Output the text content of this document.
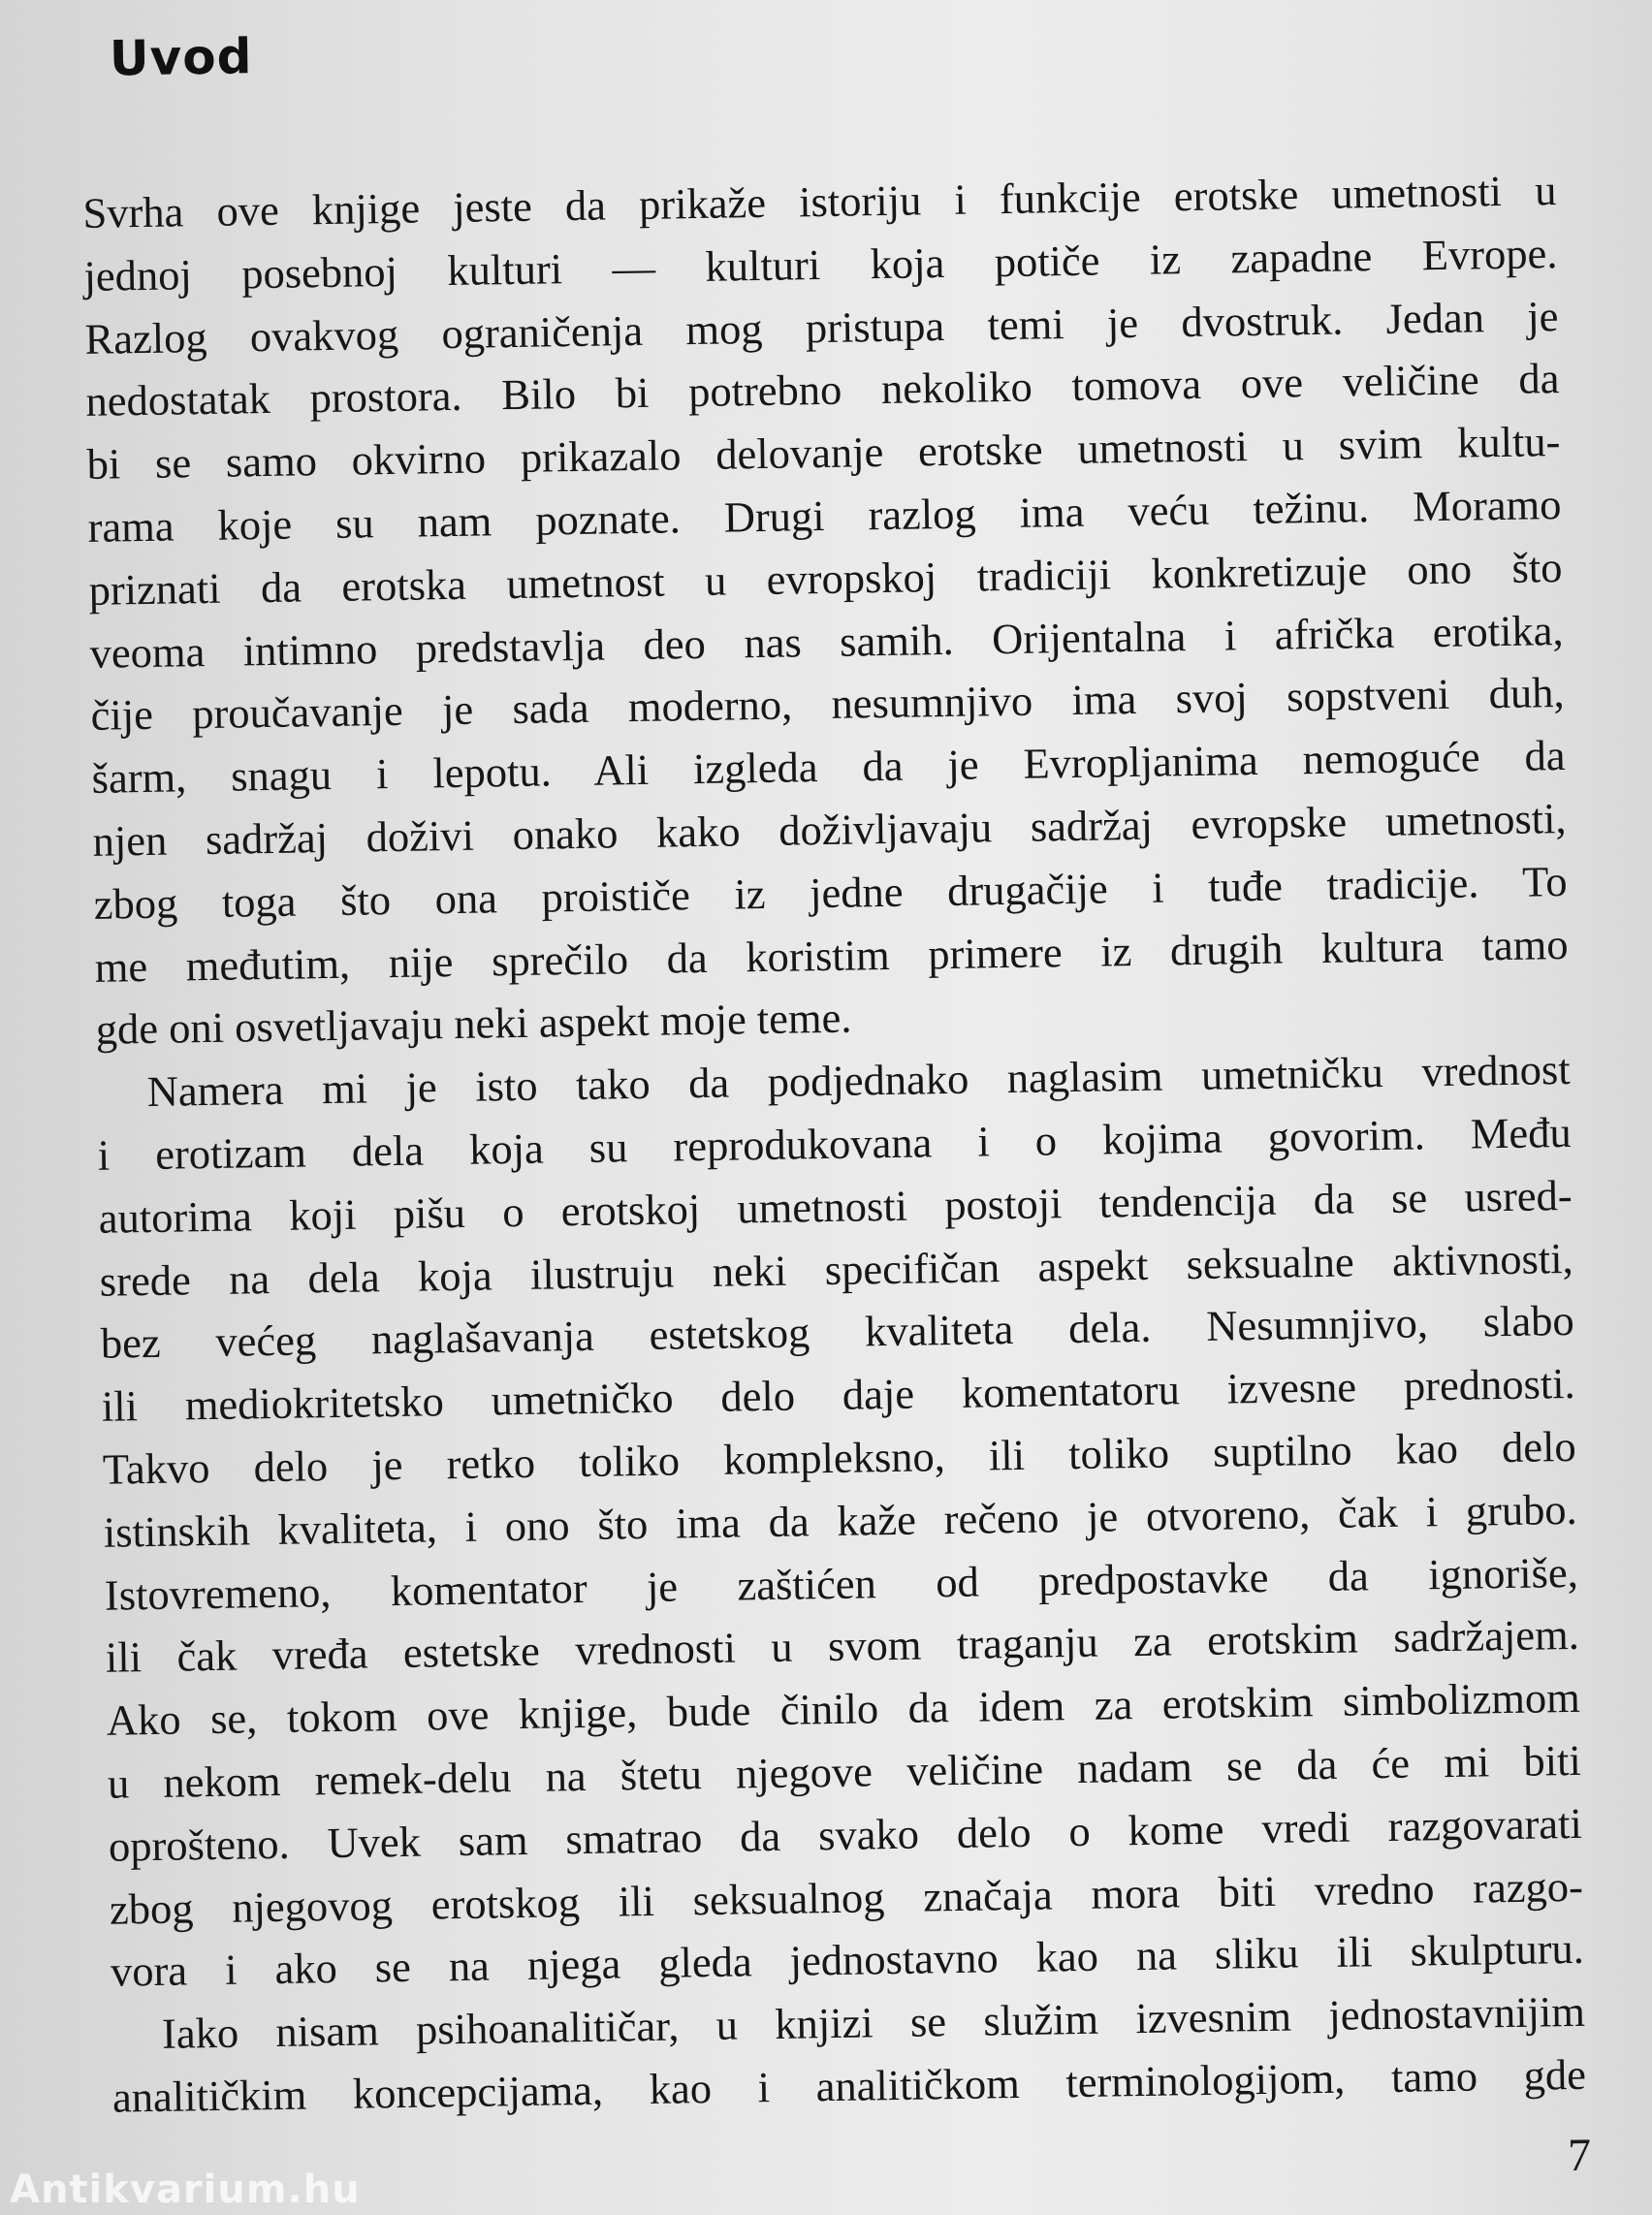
Uvod
Svrha ove knjige jeste da prikaže istoriju i funkcije erotske umetnosti u
jednoj posebnoj kulturi — kulturi koja potiče iz zapadne Evrope.
Razlog ovakvog ograničenja mog pristupa temi je dvostruk. Jedan je
nedostatak prostora. Bilo bi potrebno nekoliko tomova ove veličine da
bi se samo okvirno prikazalo delovanje erotske umetnosti u svim kultu-
rama koje su nam poznate. Drugi razlog ima veću težinu. Moramo
priznati da erotska umetnost u evropskoj tradiciji konkretizuje ono što
veoma intimno predstavlja deo nas samih. Orijentalna i afrička erotika,
čije proučavanje je sada moderno, nesumnjivo ima svoj sopstveni duh,
šarm, snagu i lepotu. Ali izgleda da je Evropljanima nemoguće da
njen sadržaj doživi onako kako doživljavaju sadržaj evropske umetnosti,
zbog toga što ona proističe iz jedne drugačije i tuđe tradicije. To
me međutim, nije sprečilo da koristim primere iz drugih kultura tamo
gde oni osvetljavaju neki aspekt moje teme.
Namera mi je isto tako da podjednako naglasim umetničku vrednost
i erotizam dela koja su reprodukovana i o kojima govorim. Među
autorima koji pišu o erotskoj umetnosti postoji tendencija da se usred-
srede na dela koja ilustruju neki specifičan aspekt seksualne aktivnosti,
bez većeg naglašavanja estetskog kvaliteta dela. Nesumnjivo, slabo
ili mediokritetsko umetničko delo daje komentatoru izvesne prednosti.
Takvo delo je retko toliko kompleksno, ili toliko suptilno kao delo
istinskih kvaliteta, i ono što ima da kaže rečeno je otvoreno, čak i grubo.
Istovremeno, komentator je zaštićen od predpostavke da ignoriše,
ili čak vređa estetske vrednosti u svom traganju za erotskim sadržajem.
Ako se, tokom ove knjige, bude činilo da idem za erotskim simbolizmom
u nekom remek-delu na štetu njegove veličine nadam se da će mi biti
oprošteno. Uvek sam smatrao da svako delo o kome vredi razgovarati
zbog njegovog erotskog ili seksualnog značaja mora biti vredno razgo-
vora i ako se na njega gleda jednostavno kao na sliku ili skulpturu.
Iako nisam psihoanalitičar, u knjizi se služim izvesnim jednostavnijim
analitičkim koncepcijama, kao i analitičkom terminologijom, tamo gde
7
Antikvarium.hu
